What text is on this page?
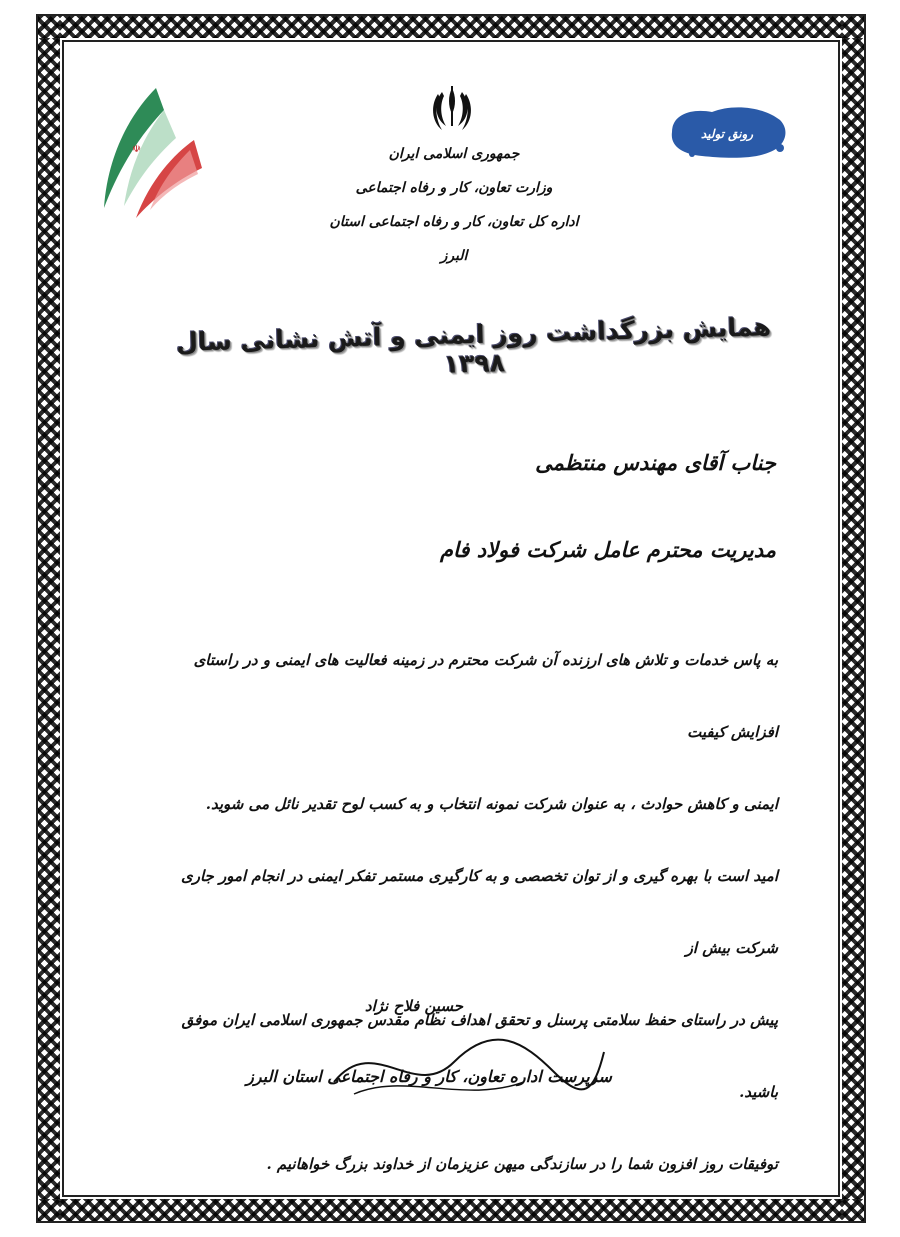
☫
رونق تولید
جمهوری اسلامی ایران
وزارت تعاون، کار و رفاه اجتماعی
اداره کل تعاون، کار و رفاه اجتماعی استان البرز
همایش بزرگداشت روز ایمنی و آتش نشانی سال ۱۳۹۸
جناب آقای مهندس منتظمی
مدیریت محترم عامل شرکت فولاد فام

به پاس خدمات و تلاش های ارزنده آن شرکت محترم در زمینه فعالیت های ایمنی و در راستای افزایش کیفیت

ایمنی و کاهش حوادث ، به عنوان شرکت نمونه انتخاب و به کسب لوح تقدیر نائل می شوید.

امید است با بهره گیری و از توان تخصصی و به کارگیری مستمر تفکر ایمنی در انجام امور جاری شرکت بیش از

پیش در راستای حفظ سلامتی پرسنل و تحقق اهداف نظام مقدس جمهوری اسلامی ایران موفق باشید.

توفیقات روز افزون شما را در سازندگی میهن عزیزمان از خداوند بزرگ خواهانیم .

حسین فلاح نژاد
سرپرست اداره تعاون، کار و رفاه اجتماعی استان البرز
